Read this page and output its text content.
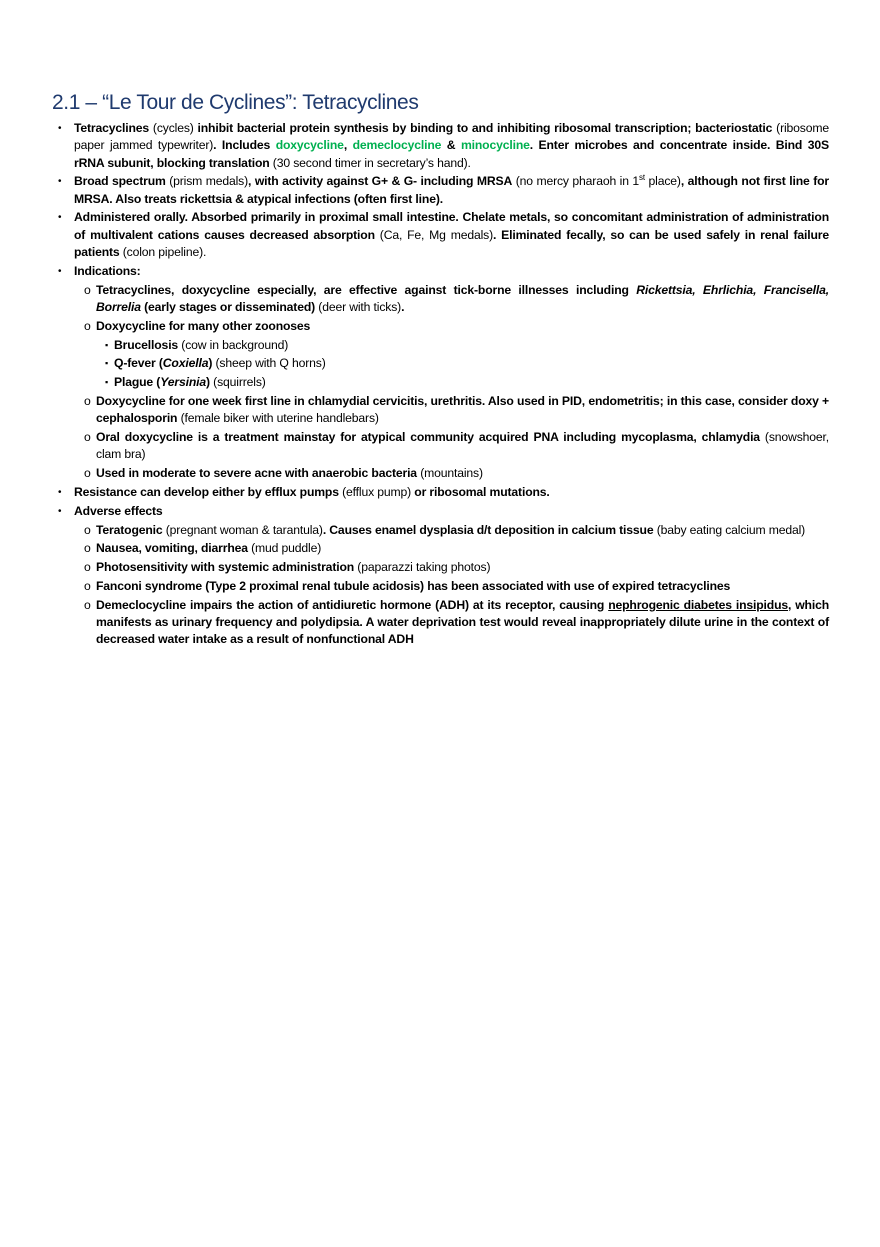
2.1 – “Le Tour de Cyclines”: Tetracyclines
• Tetracyclines (cycles) inhibit bacterial protein synthesis by binding to and inhibiting ribosomal transcription; bacteriostatic (ribosome paper jammed typewriter). Includes doxycycline, demeclocycline & minocycline. Enter microbes and concentrate inside. Bind 30S rRNA subunit, blocking translation (30 second timer in secretary’s hand).
• Broad spectrum (prism medals), with activity against G+ & G- including MRSA (no mercy pharaoh in 1st place), although not first line for MRSA. Also treats rickettsia & atypical infections (often first line).
• Administered orally. Absorbed primarily in proximal small intestine. Chelate metals, so concomitant administration of administration of multivalent cations causes decreased absorption (Ca, Fe, Mg medals). Eliminated fecally, so can be used safely in renal failure patients (colon pipeline).
• Indications:
o Tetracyclines, doxycycline especially, are effective against tick-borne illnesses including Rickettsia, Ehrlichia, Francisella, Borrelia (early stages or disseminated) (deer with ticks).
o Doxycycline for many other zoonoses
▪ Brucellosis (cow in background)
▪ Q-fever (Coxiella) (sheep with Q horns)
▪ Plague (Yersinia) (squirrels)
o Doxycycline for one week first line in chlamydial cervicitis, urethritis. Also used in PID, endometritis; in this case, consider doxy + cephalosporin (female biker with uterine handlebars)
o Oral doxycycline is a treatment mainstay for atypical community acquired PNA including mycoplasma, chlamydia (snowshoer, clam bra)
o Used in moderate to severe acne with anaerobic bacteria (mountains)
• Resistance can develop either by efflux pumps (efflux pump) or ribosomal mutations.
• Adverse effects
o Teratogenic (pregnant woman & tarantula). Causes enamel dysplasia d/t deposition in calcium tissue (baby eating calcium medal)
o Nausea, vomiting, diarrhea (mud puddle)
o Photosensitivity with systemic administration (paparazzi taking photos)
o Fanconi syndrome (Type 2 proximal renal tubule acidosis) has been associated with use of expired tetracyclines
o Demeclocycline impairs the action of antidiuretic hormone (ADH) at its receptor, causing nephrogenic diabetes insipidus, which manifests as urinary frequency and polydipsia. A water deprivation test would reveal inappropriately dilute urine in the context of decreased water intake as a result of nonfunctional ADH
